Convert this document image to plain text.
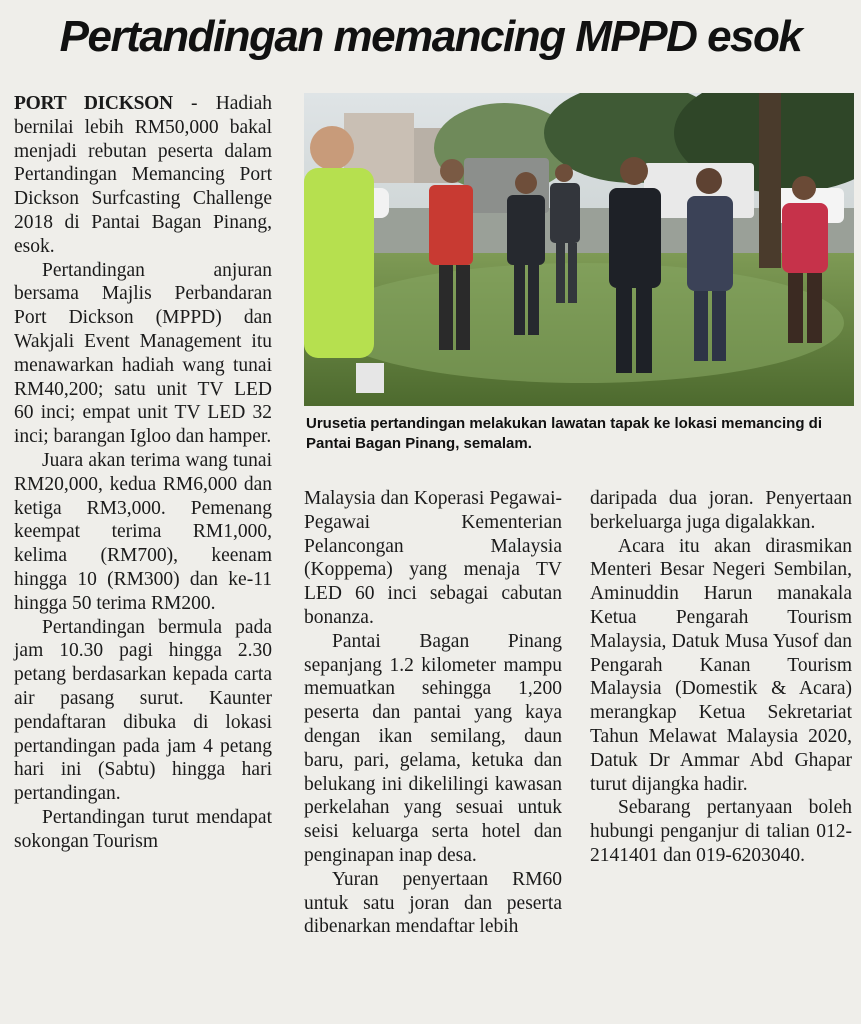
Pertandingan memancing MPPD esok

PORT DICKSON - Hadiah bernilai lebih RM50,000 bakal menjadi rebutan peserta dalam Pertandingan Memancing Port Dickson Surfcasting Challenge 2018 di Pantai Bagan Pinang, esok.

Pertandingan anjuran bersama Majlis Perbandaran Port Dickson (MPPD) dan Wakjali Event Management itu menawarkan hadiah wang tunai RM40,200; satu unit TV LED 60 inci; empat unit TV LED 32 inci; barangan Igloo dan hamper.

Juara akan terima wang tunai RM20,000, kedua RM6,000 dan ketiga RM3,000. Pemenang keempat terima RM1,000, kelima (RM700), keenam hingga 10 (RM300) dan ke-11 hingga 50 terima RM200.

Pertandingan bermula pada jam 10.30 pagi hingga 2.30 petang berdasarkan kepada carta air pasang surut. Kaunter pendaftaran dibuka di lokasi pertandingan pada jam 4 petang hari ini (Sabtu) hingga hari pertandingan.

Pertandingan turut mendapat sokongan Tourism

Urusetia pertandingan melakukan lawatan tapak ke lokasi memancing di Pantai Bagan Pinang, semalam.

Malaysia dan Koperasi Pegawai-Pegawai Kementerian Pelancongan Malaysia (Koppema) yang menaja TV LED 60 inci sebagai cabutan bonanza.

Pantai Bagan Pinang sepanjang 1.2 kilometer mampu memuatkan sehingga 1,200 peserta dan pantai yang kaya dengan ikan semilang, daun baru, pari, gelama, ketuka dan belukang ini dikelilingi kawasan perkelahan yang sesuai untuk seisi keluarga serta hotel dan penginapan inap desa.

Yuran penyertaan RM60 untuk satu joran dan peserta dibenarkan mendaftar lebih

daripada dua joran. Penyertaan berkeluarga juga digalakkan.

Acara itu akan dirasmikan Menteri Besar Negeri Sembilan, Aminuddin Harun manakala Ketua Pengarah Tourism Malaysia, Datuk Musa Yusof dan Pengarah Kanan Tourism Malaysia (Domestik & Acara) merangkap Ketua Sekretariat Tahun Melawat Malaysia 2020, Datuk Dr Ammar Abd Ghapar turut dijangka hadir.

Sebarang pertanyaan boleh hubungi penganjur di talian 012-2141401 dan 019-6203040.
